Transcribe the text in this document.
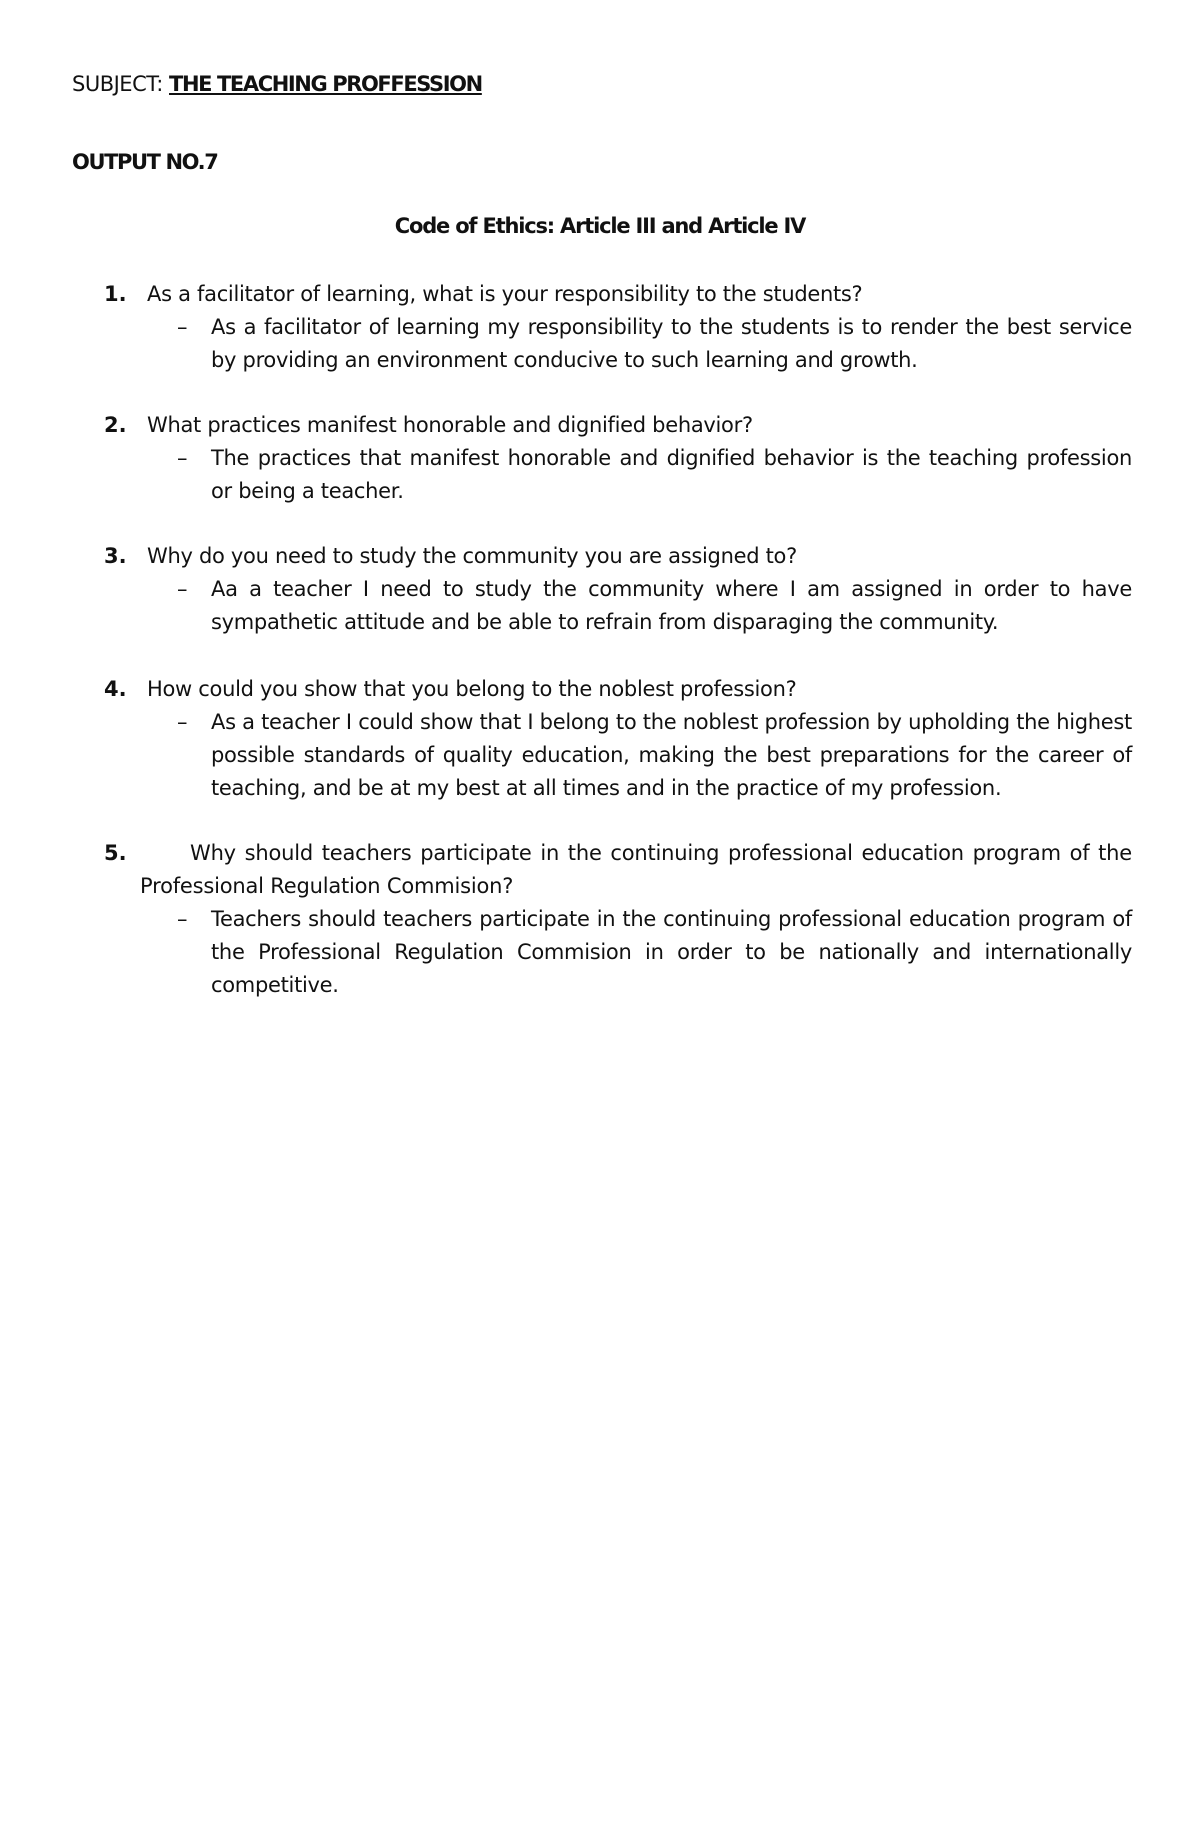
SUBJECT: THE TEACHING PROFFESSION
OUTPUT NO.7
Code of Ethics: Article III and Article IV
1. As a facilitator of learning, what is your responsibility to the students?
– As a facilitator of learning my responsibility to the students is to render the best service by providing an environment conducive to such learning and growth.
2. What practices manifest honorable and dignified behavior?
– The practices that manifest honorable and dignified behavior is the teaching profession or being a teacher.
3. Why do you need to study the community you are assigned to?
– Aa a teacher I need to study the community where I am assigned in order to have sympathetic attitude and be able to refrain from disparaging the community.
4. How could you show that you belong to the noblest profession?
– As a teacher I could show that I belong to the noblest profession by upholding the highest possible standards of quality education, making the best preparations for the career of teaching, and be at my best at all times and in the practice of my profession.
5.	Why should teachers participate in the continuing professional education program of the Professional Regulation Commision?
– Teachers should teachers participate in the continuing professional education program of the Professional Regulation Commision in order to be nationally and internationally competitive.
